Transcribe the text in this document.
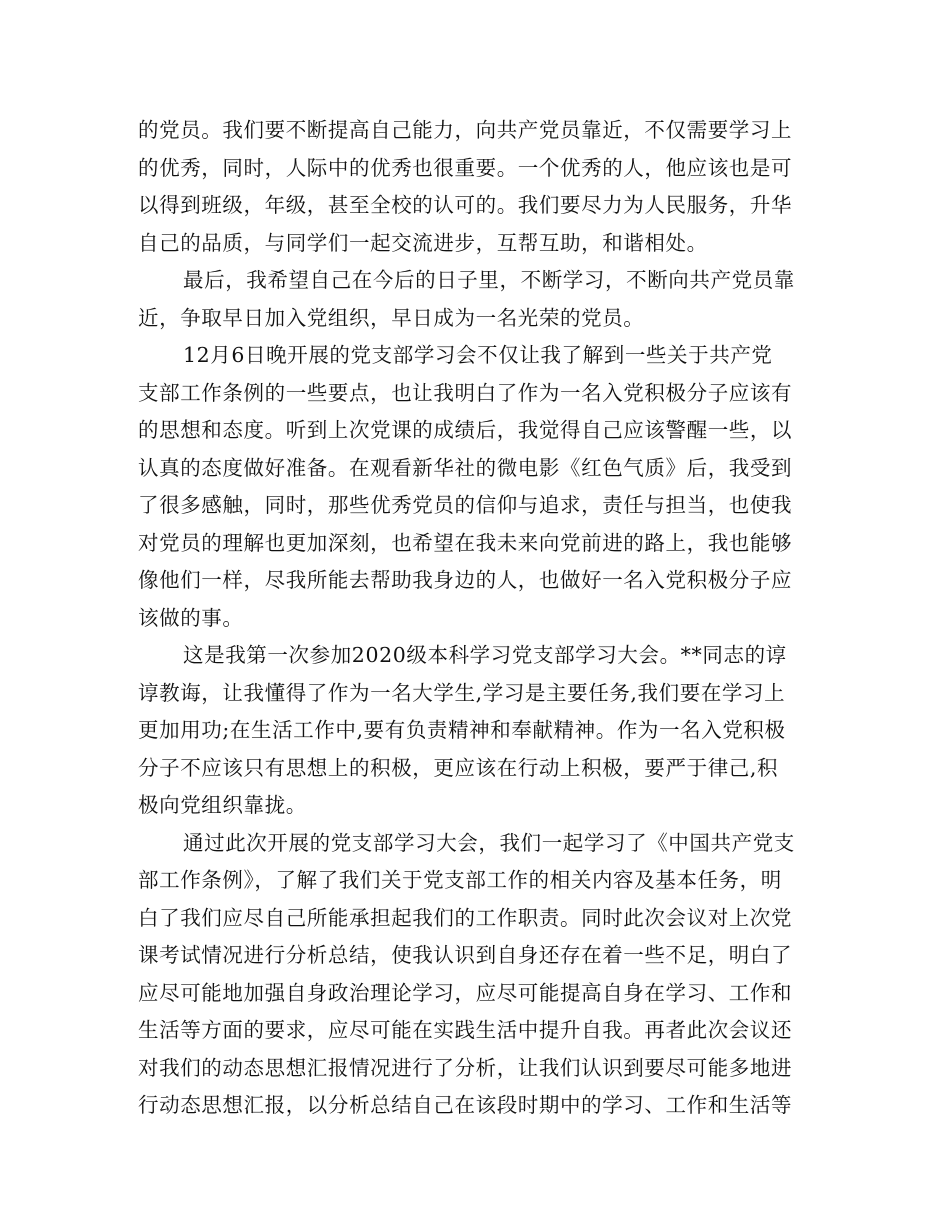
的党员。我们要不断提高自己能力，向共产党员靠近，不仅需要学习上
的优秀，同时，人际中的优秀也很重要。一个优秀的人，他应该也是可
以得到班级，年级，甚至全校的认可的。我们要尽力为人民服务，升华
自己的品质，与同学们一起交流进步，互帮互助，和谐相处。
最后，我希望自己在今后的日子里，不断学习，不断向共产党员靠
近，争取早日加入党组织，早日成为一名光荣的党员。
12月6日晚开展的党支部学习会不仅让我了解到一些关于共产党
支部工作条例的一些要点，也让我明白了作为一名入党积极分子应该有
的思想和态度。听到上次党课的成绩后，我觉得自己应该警醒一些，以
认真的态度做好准备。在观看新华社的微电影《红色气质》后，我受到
了很多感触，同时，那些优秀党员的信仰与追求，责任与担当，也使我
对党员的理解也更加深刻，也希望在我未来向党前进的路上，我也能够
像他们一样，尽我所能去帮助我身边的人，也做好一名入党积极分子应
该做的事。
这是我第一次参加2020级本科学习党支部学习大会。**同志的谆
谆教诲，让我懂得了作为一名大学生,学习是主要任务,我们要在学习上
更加用功;在生活工作中,要有负责精神和奉献精神。作为一名入党积极
分子不应该只有思想上的积极，更应该在行动上积极，要严于律己,积
极向党组织靠拢。
通过此次开展的党支部学习大会，我们一起学习了《中国共产党支
部工作条例》，了解了我们关于党支部工作的相关内容及基本任务，明
白了我们应尽自己所能承担起我们的工作职责。同时此次会议对上次党
课考试情况进行分析总结，使我认识到自身还存在着一些不足，明白了
应尽可能地加强自身政治理论学习，应尽可能提高自身在学习、工作和
生活等方面的要求，应尽可能在实践生活中提升自我。再者此次会议还
对我们的动态思想汇报情况进行了分析，让我们认识到要尽可能多地进
行动态思想汇报，以分析总结自己在该段时期中的学习、工作和生活等
